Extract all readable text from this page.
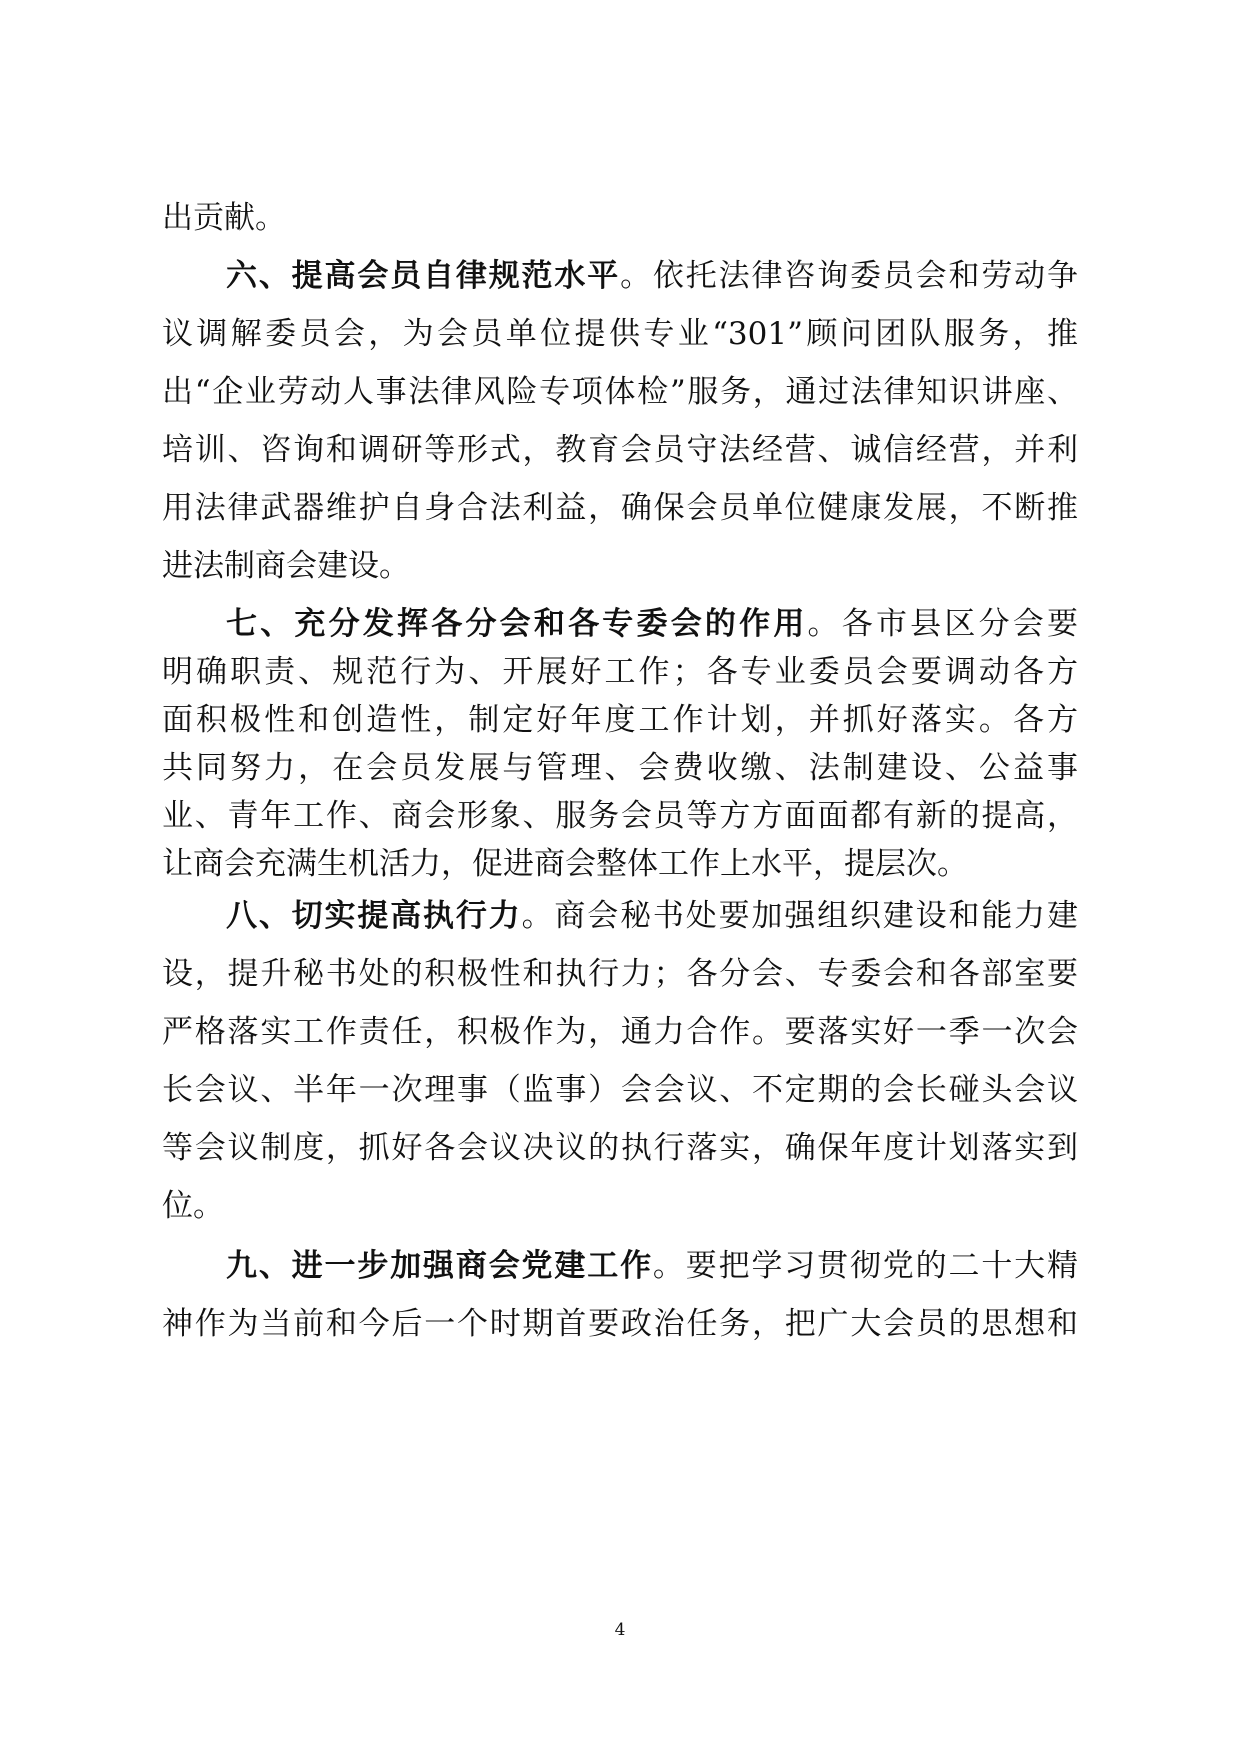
出贡献。
六、提高会员自律规范水平。依托法律咨询委员会和劳动争
议调解委员会，为会员单位提供专业“301”顾问团队服务，推
出“企业劳动人事法律风险专项体检”服务，通过法律知识讲座、
培训、咨询和调研等形式，教育会员守法经营、诚信经营，并利
用法律武器维护自身合法利益，确保会员单位健康发展，不断推
进法制商会建设。
七、充分发挥各分会和各专委会的作用。各市县区分会要
明确职责、规范行为、开展好工作；各专业委员会要调动各方
面积极性和创造性，制定好年度工作计划，并抓好落实。各方
共同努力，在会员发展与管理、会费收缴、法制建设、公益事
业、青年工作、商会形象、服务会员等方方面面都有新的提高，
让商会充满生机活力，促进商会整体工作上水平，提层次。
八、切实提高执行力。商会秘书处要加强组织建设和能力建
设，提升秘书处的积极性和执行力；各分会、专委会和各部室要
严格落实工作责任，积极作为，通力合作。要落实好一季一次会
长会议、半年一次理事（监事）会会议、不定期的会长碰头会议
等会议制度，抓好各会议决议的执行落实，确保年度计划落实到
位。
九、进一步加强商会党建工作。要把学习贯彻党的二十大精
神作为当前和今后一个时期首要政治任务，把广大会员的思想和
4
